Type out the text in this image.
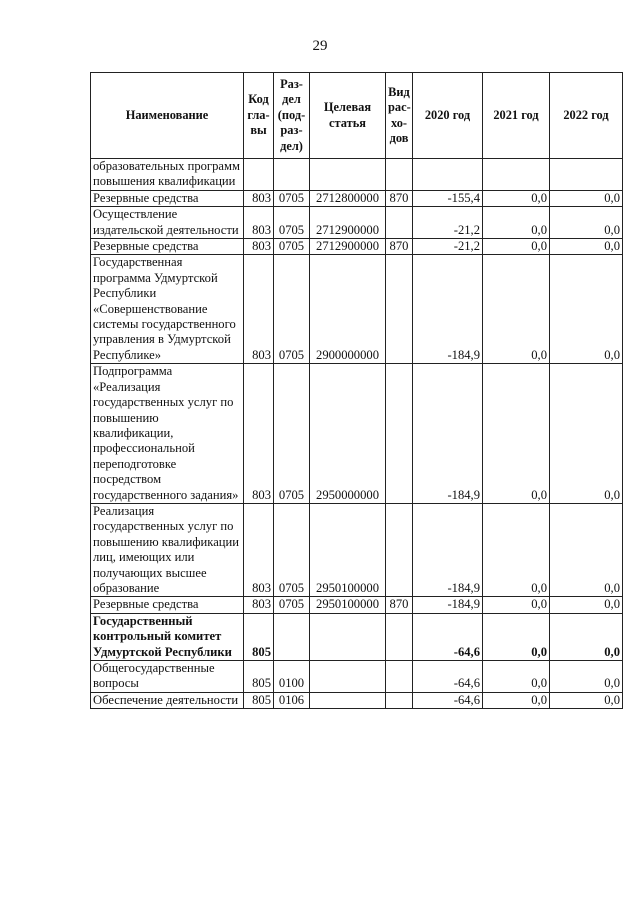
29
Наименование	Код гла- вы	Раз- дел (под- раз- дел)	Целевая статья	Вид рас- хо- дов	2020 год	2021 год	2022 год
образовательных программ повышения квалификации							
Резервные средства	803	0705	2712800000	870	-155,4	0,0	0,0
Осуществление издательской деятельности	803	0705	2712900000		-21,2	0,0	0,0
Резервные средства	803	0705	2712900000	870	-21,2	0,0	0,0
Государственная программа Удмуртской Республики «Совершенствование системы государственного управления в Удмуртской Республике»	803	0705	2900000000		-184,9	0,0	0,0
Подпрограмма «Реализация государственных услуг по повышению квалификации, профессиональной переподготовке посредством государственного задания»	803	0705	2950000000		-184,9	0,0	0,0
Реализация государственных услуг по повышению квалификации лиц, имеющих или получающих высшее образование	803	0705	2950100000		-184,9	0,0	0,0
Резервные средства	803	0705	2950100000	870	-184,9	0,0	0,0
Государственный контрольный комитет Удмуртской Республики	805				-64,6	0,0	0,0
Общегосударственные вопросы	805	0100			-64,6	0,0	0,0
Обеспечение деятельности	805	0106			-64,6	0,0	0,0
